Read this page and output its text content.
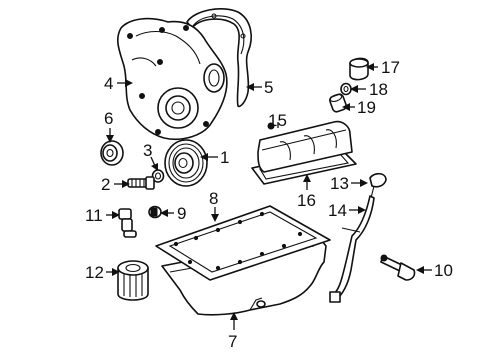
1
2
3
4	5
6
7
8
9
10
11
12
13
14
15
16
17
18
19
